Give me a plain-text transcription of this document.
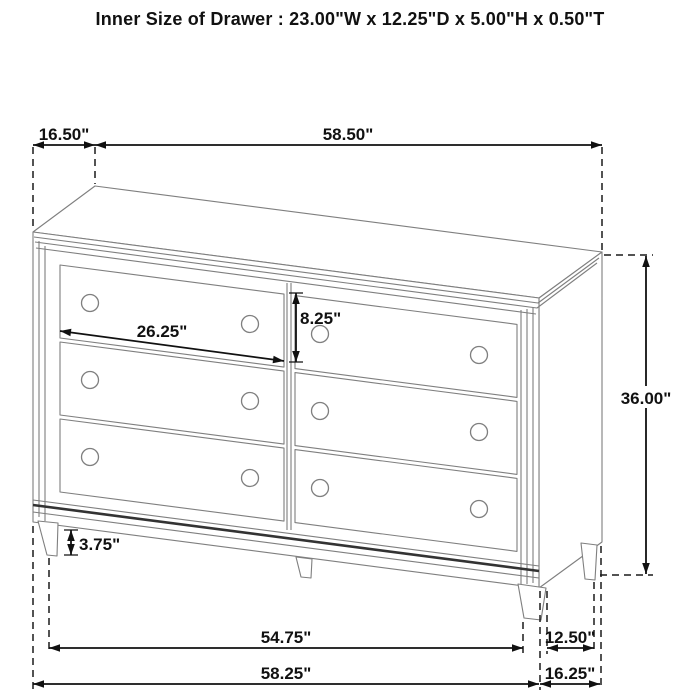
Inner Size of Drawer : 23.00"W x 12.25"D x 5.00"H x 0.50"T
16.50"	58.50"
36.00"
26.25"
8.25"
3.75"
54.75"	12.50"
58.25"	16.25"
